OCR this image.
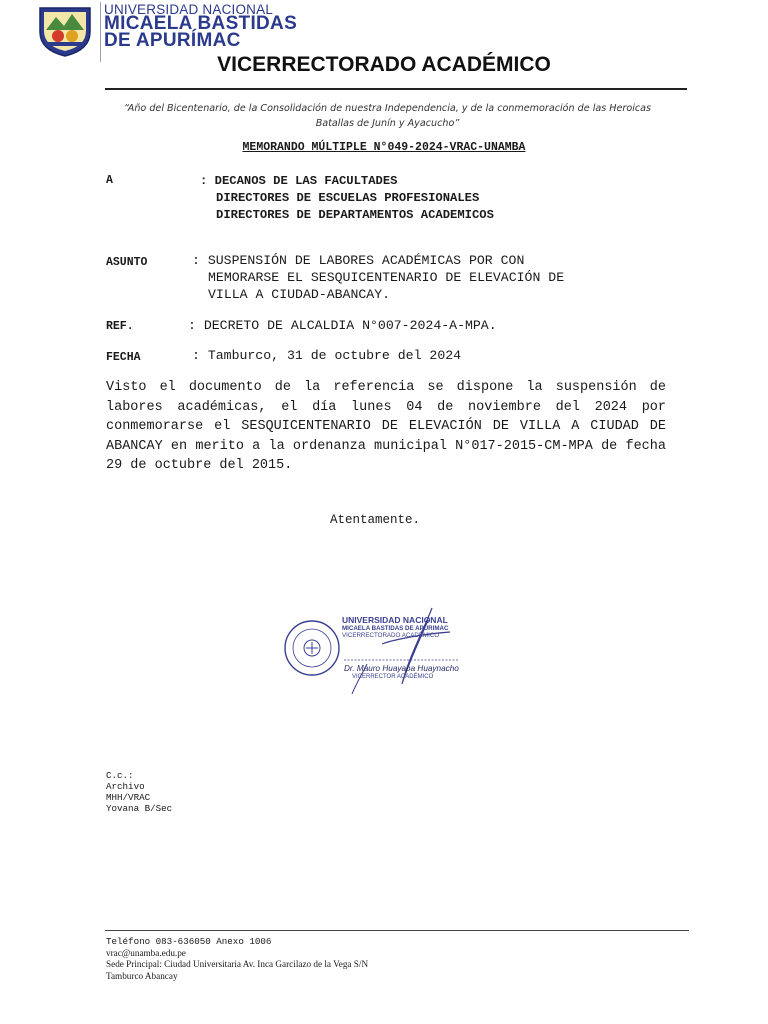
UNIVERSIDAD NACIONAL
MICAELA BASTIDAS
DE APURÍMAC
VICERRECTORADO ACADÉMICO
“Año del Bicentenario, de la Consolidación de nuestra Independencia, y de la conmemoración de las Heroicas Batallas de Junín y Ayacucho”
MEMORANDO MÚLTIPLE N°049-2024-VRAC-UNAMBA
A	: DECANOS DE LAS FACULTADES
DIRECTORES DE ESCUELAS PROFESIONALES
DIRECTORES DE DEPARTAMENTOS ACADEMICOS
ASUNTO	: SUSPENSIÓN DE LABORES ACADÉMICAS POR CON
MEMORARSE EL SESQUICENTENARIO DE ELEVACIÓN DE
VILLA A CIUDAD-ABANCAY.
REF.	: DECRETO DE ALCALDIA N°007-2024-A-MPA.
FECHA	: Tamburco, 31 de octubre del 2024
Visto el documento de la referencia se dispone la suspensión de labores académicas, el día lunes 04 de noviembre del 2024 por conmemorarse el SESQUICENTENARIO DE ELEVACIÓN DE VILLA A CIUDAD DE ABANCAY en merito a la ordenanza municipal N°017-2015-CM-MPA de fecha 29 de octubre del 2015.
Atentamente.
UNIVERSIDAD NACIONAL
MICAELA BASTIDAS DE APURIMAC
VICERRECTORADO ACADÉMICO
Dr. Mauro Huayapa Huaynacho
VICERRECTOR ACADÉMICO
C.c.:
Archivo
MHH/VRAC
Yovana B/Sec
Teléfono 083-636050 Anexo 1006
vrac@unamba.edu.pe
Sede Principal: Ciudad Universitaria Av. Inca Garcilazo de la Vega S/N
Tamburco Abancay
